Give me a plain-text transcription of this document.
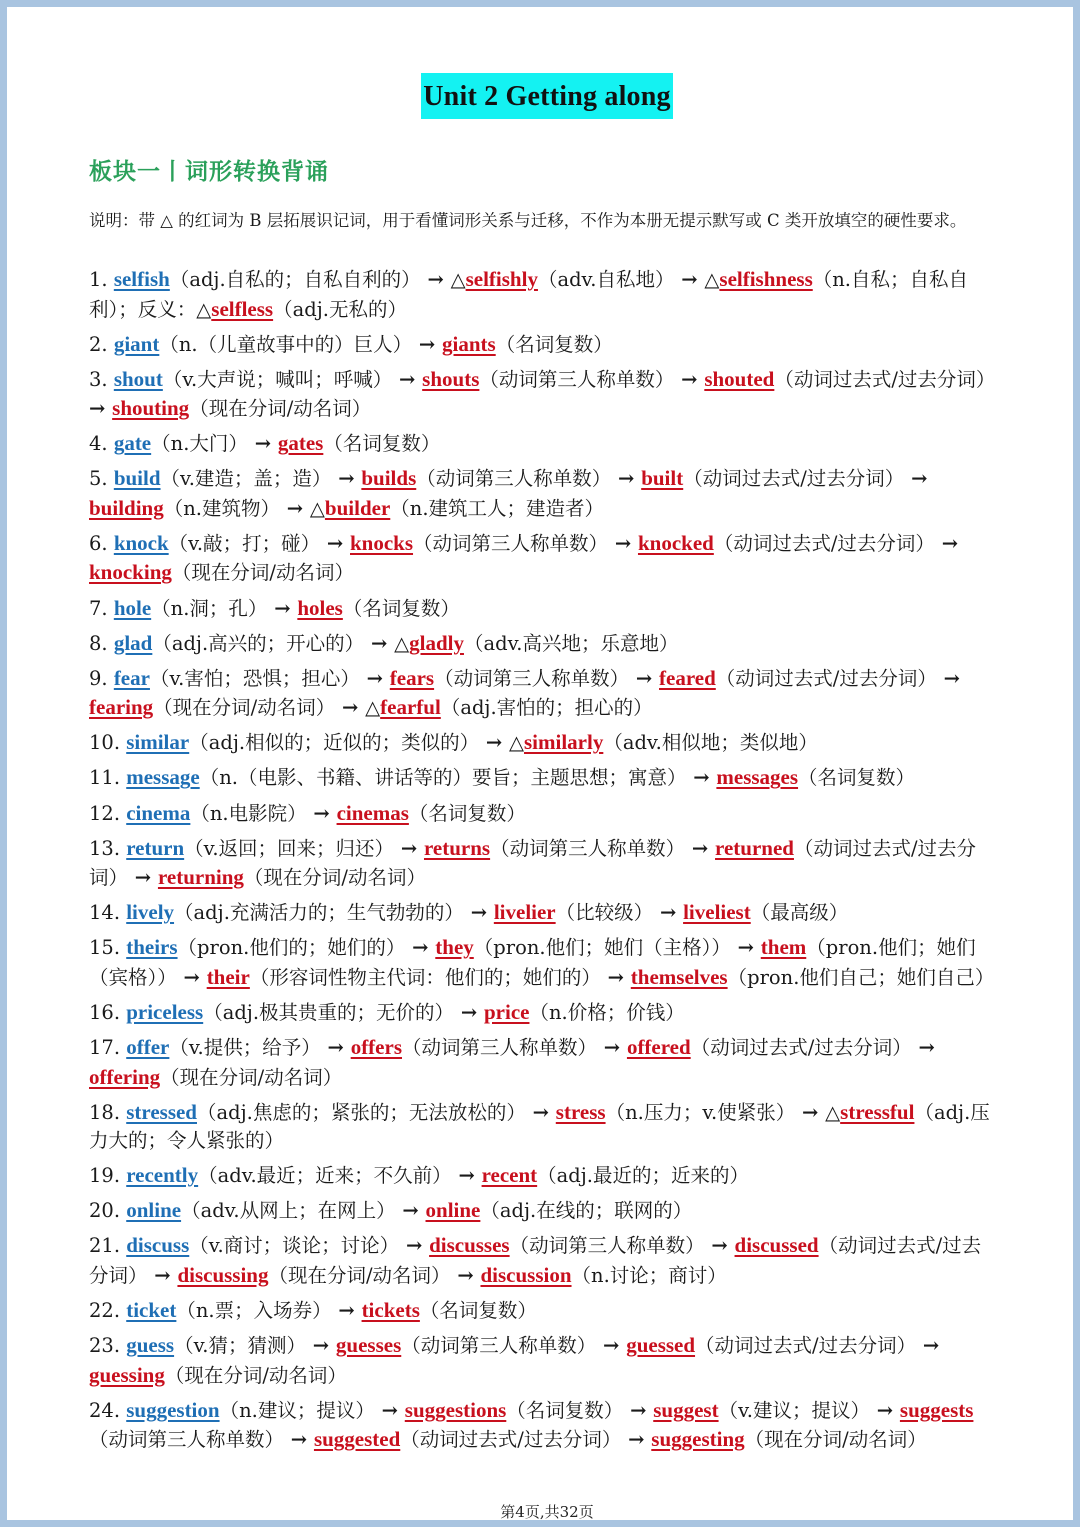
Unit 2 Getting along
板块一丨词形转换背诵
说明：带 △ 的红词为 B 层拓展识记词，用于看懂词形关系与迁移，不作为本册无提示默写或 C 类开放填空的硬性要求。
1. selfish（adj.自私的；自私自利的） → △selfishly（adv.自私地） → △selfishness（n.自私；自私自利）；反义：△selfless（adj.无私的）
2. giant（n.（儿童故事中的）巨人） → giants（名词复数）
3. shout（v.大声说；喊叫；呼喊） → shouts（动词第三人称单数） → shouted（动词过去式/过去分词） → shouting（现在分词/动名词）
4. gate（n.大门） → gates（名词复数）
5. build（v.建造；盖；造） → builds（动词第三人称单数） → built（动词过去式/过去分词） → building（n.建筑物） → △builder（n.建筑工人；建造者）
6. knock（v.敲；打；碰） → knocks（动词第三人称单数） → knocked（动词过去式/过去分词） → knocking（现在分词/动名词）
7. hole（n.洞；孔） → holes（名词复数）
8. glad（adj.高兴的；开心的） → △gladly（adv.高兴地；乐意地）
9. fear（v.害怕；恐惧；担心） → fears（动词第三人称单数） → feared（动词过去式/过去分词） → fearing（现在分词/动名词） → △fearful（adj.害怕的；担心的）
10. similar（adj.相似的；近似的；类似的） → △similarly（adv.相似地；类似地）
11. message（n.（电影、书籍、讲话等的）要旨；主题思想；寓意） → messages（名词复数）
12. cinema（n.电影院） → cinemas（名词复数）
13. return（v.返回；回来；归还） → returns（动词第三人称单数） → returned（动词过去式/过去分词） → returning（现在分词/动名词）
14. lively（adj.充满活力的；生气勃勃的） → livelier（比较级） → liveliest（最高级）
15. theirs（pron.他们的；她们的） → they（pron.他们；她们（主格）） → them（pron.他们；她们（宾格）） → their（形容词性物主代词：他们的；她们的） → themselves（pron.他们自己；她们自己）
16. priceless（adj.极其贵重的；无价的） → price（n.价格；价钱）
17. offer（v.提供；给予） → offers（动词第三人称单数） → offered（动词过去式/过去分词） → offering（现在分词/动名词）
18. stressed（adj.焦虑的；紧张的；无法放松的） → stress（n.压力；v.使紧张） → △stressful（adj.压力大的；令人紧张的）
19. recently（adv.最近；近来；不久前） → recent（adj.最近的；近来的）
20. online（adv.从网上；在网上） → online（adj.在线的；联网的）
21. discuss（v.商讨；谈论；讨论） → discusses（动词第三人称单数） → discussed（动词过去式/过去分词） → discussing（现在分词/动名词） → discussion（n.讨论；商讨）
22. ticket（n.票；入场券） → tickets（名词复数）
23. guess（v.猜；猜测） → guesses（动词第三人称单数） → guessed（动词过去式/过去分词） → guessing（现在分词/动名词）
24. suggestion（n.建议；提议） → suggestions（名词复数） → suggest（v.建议；提议） → suggests（动词第三人称单数） → suggested（动词过去式/过去分词） → suggesting（现在分词/动名词）
第4页,共32页
